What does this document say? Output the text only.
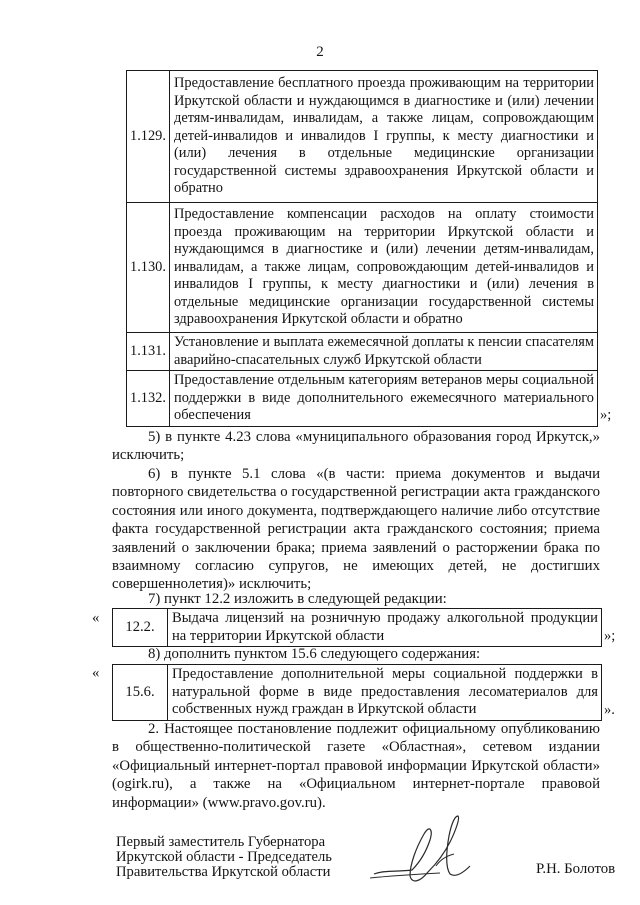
2
1.129.	Предоставление бесплатного проезда проживающим на территории Иркутской области и нуждающимся в диагностике и (или) лечении детям-инвалидам, инвалидам, а также лицам, сопровождающим детей-инвалидов и инвалидов I группы, к месту диагностики и (или) лечения в отдельные медицинские организации государственной системы здравоохранения Иркутской области и обратно
1.130.	Предоставление компенсации расходов на оплату стоимости проезда проживающим на территории Иркутской области и нуждающимся в диагностике и (или) лечении детям-инвалидам, инвалидам, а также лицам, сопровождающим детей-инвалидов и инвалидов I группы, к месту диагностики и (или) лечения в отдельные медицинские организации государственной системы здравоохранения Иркутской области и обратно
1.131.	Установление и выплата ежемесячной доплаты к пенсии спасателям аварийно-спасательных служб Иркутской области
1.132.	Предоставление отдельным категориям ветеранов меры социальной поддержки в виде дополнительного ежемесячного материального обеспечения	»;
5) в пункте 4.23 слова «муниципального образования город Иркутск,» исключить;
6) в пункте 5.1 слова «(в части: приема документов и выдачи повторного свидетельства о государственной регистрации акта гражданского состояния или иного документа, подтверждающего наличие либо отсутствие факта государственной регистрации акта гражданского состояния; приема заявлений о заключении брака; приема заявлений о расторжении брака по взаимному согласию супругов, не имеющих детей, не достигших совершеннолетия)» исключить;
7) пункт 12.2 изложить в следующей редакции:
«
12.2.	Выдача лицензий на розничную продажу алкогольной продукции на территории Иркутской области	»;
8) дополнить пунктом 15.6 следующего содержания:
«
15.6.	Предоставление дополнительной меры социальной поддержки в натуральной форме в виде предоставления лесоматериалов для собственных нужд граждан в Иркутской области	».
2. Настоящее постановление подлежит официальному опубликованию в общественно-политической газете «Областная», сетевом издании «Официальный интернет-портал правовой информации Иркутской области» (ogirk.ru), а также на «Официальном интернет-портале правовой информации» (www.pravo.gov.ru).
Первый заместитель Губернатора
Иркутской области - Председатель
Правительства Иркутской области	Р.Н. Болотов
